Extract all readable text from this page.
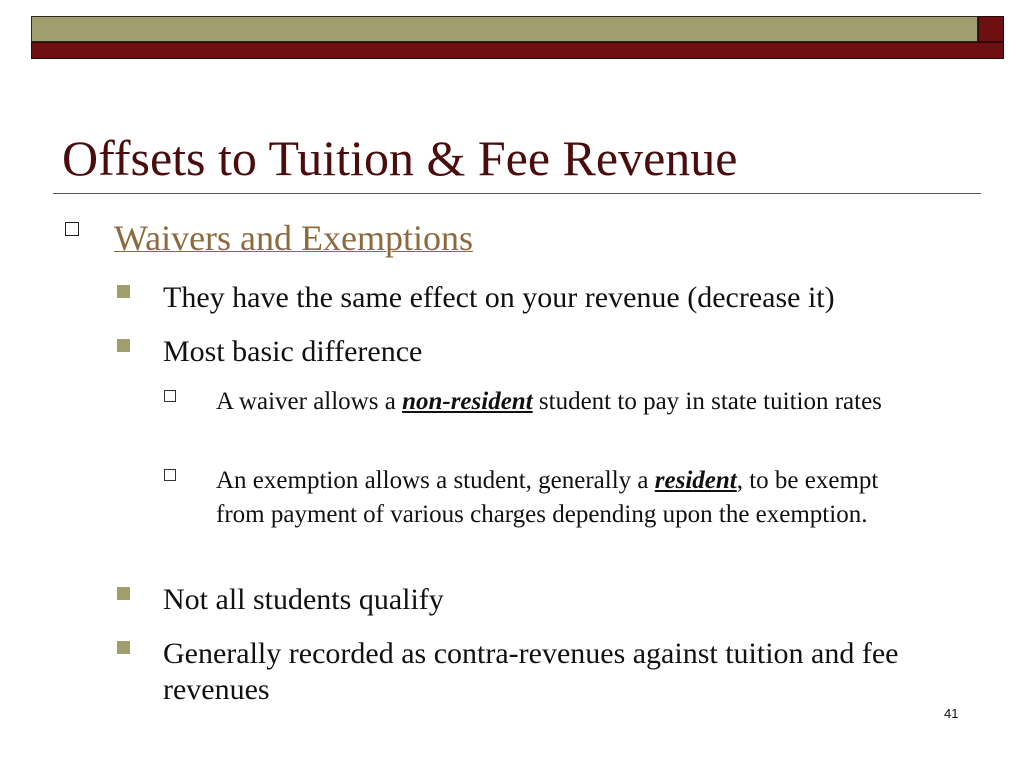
Offsets to Tuition & Fee Revenue
Waivers and Exemptions
They have the same effect on your revenue (decrease it)
Most basic difference
A waiver allows a non-resident student to pay in state tuition rates
An exemption allows a student, generally a resident, to be exempt from payment of various charges depending upon the exemption.
Not all students qualify
Generally recorded as contra-revenues against tuition and fee revenues
41
